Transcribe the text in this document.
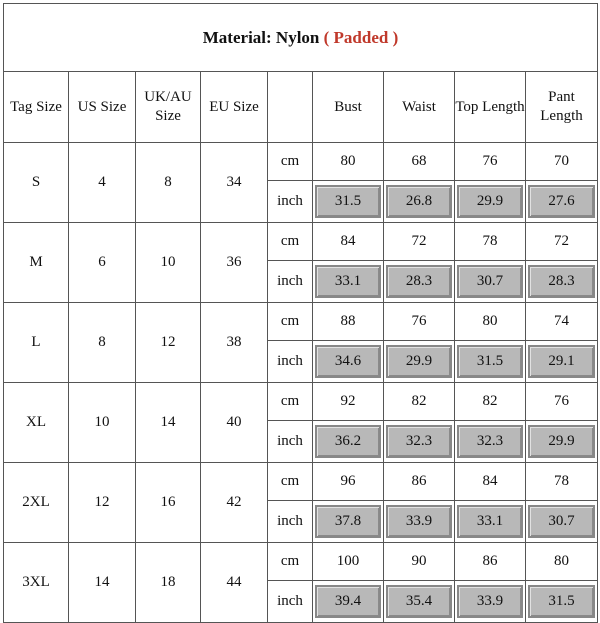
Material: Nylon ( Padded )								
Tag Size	US Size	UK/AU Size	EU Size		Bust	Waist	Top Length	Pant Length
S	4	8	34	cm	80	68	76	70
				inch	31.5	26.8	29.9	27.6

M	6	10	36	cm	84	72	78	72
				inch	33.1	28.3	30.7	28.3

L	8	12	38	cm	88	76	80	74
				inch	34.6	29.9	31.5	29.1

XL	10	14	40	cm	92	82	82	76
				inch	36.2	32.3	32.3	29.9

2XL	12	16	42	cm	96	86	84	78
				inch	37.8	33.9	33.1	30.7

3XL	14	18	44	cm	100	90	86	80
				inch	39.4	35.4	33.9	31.5
